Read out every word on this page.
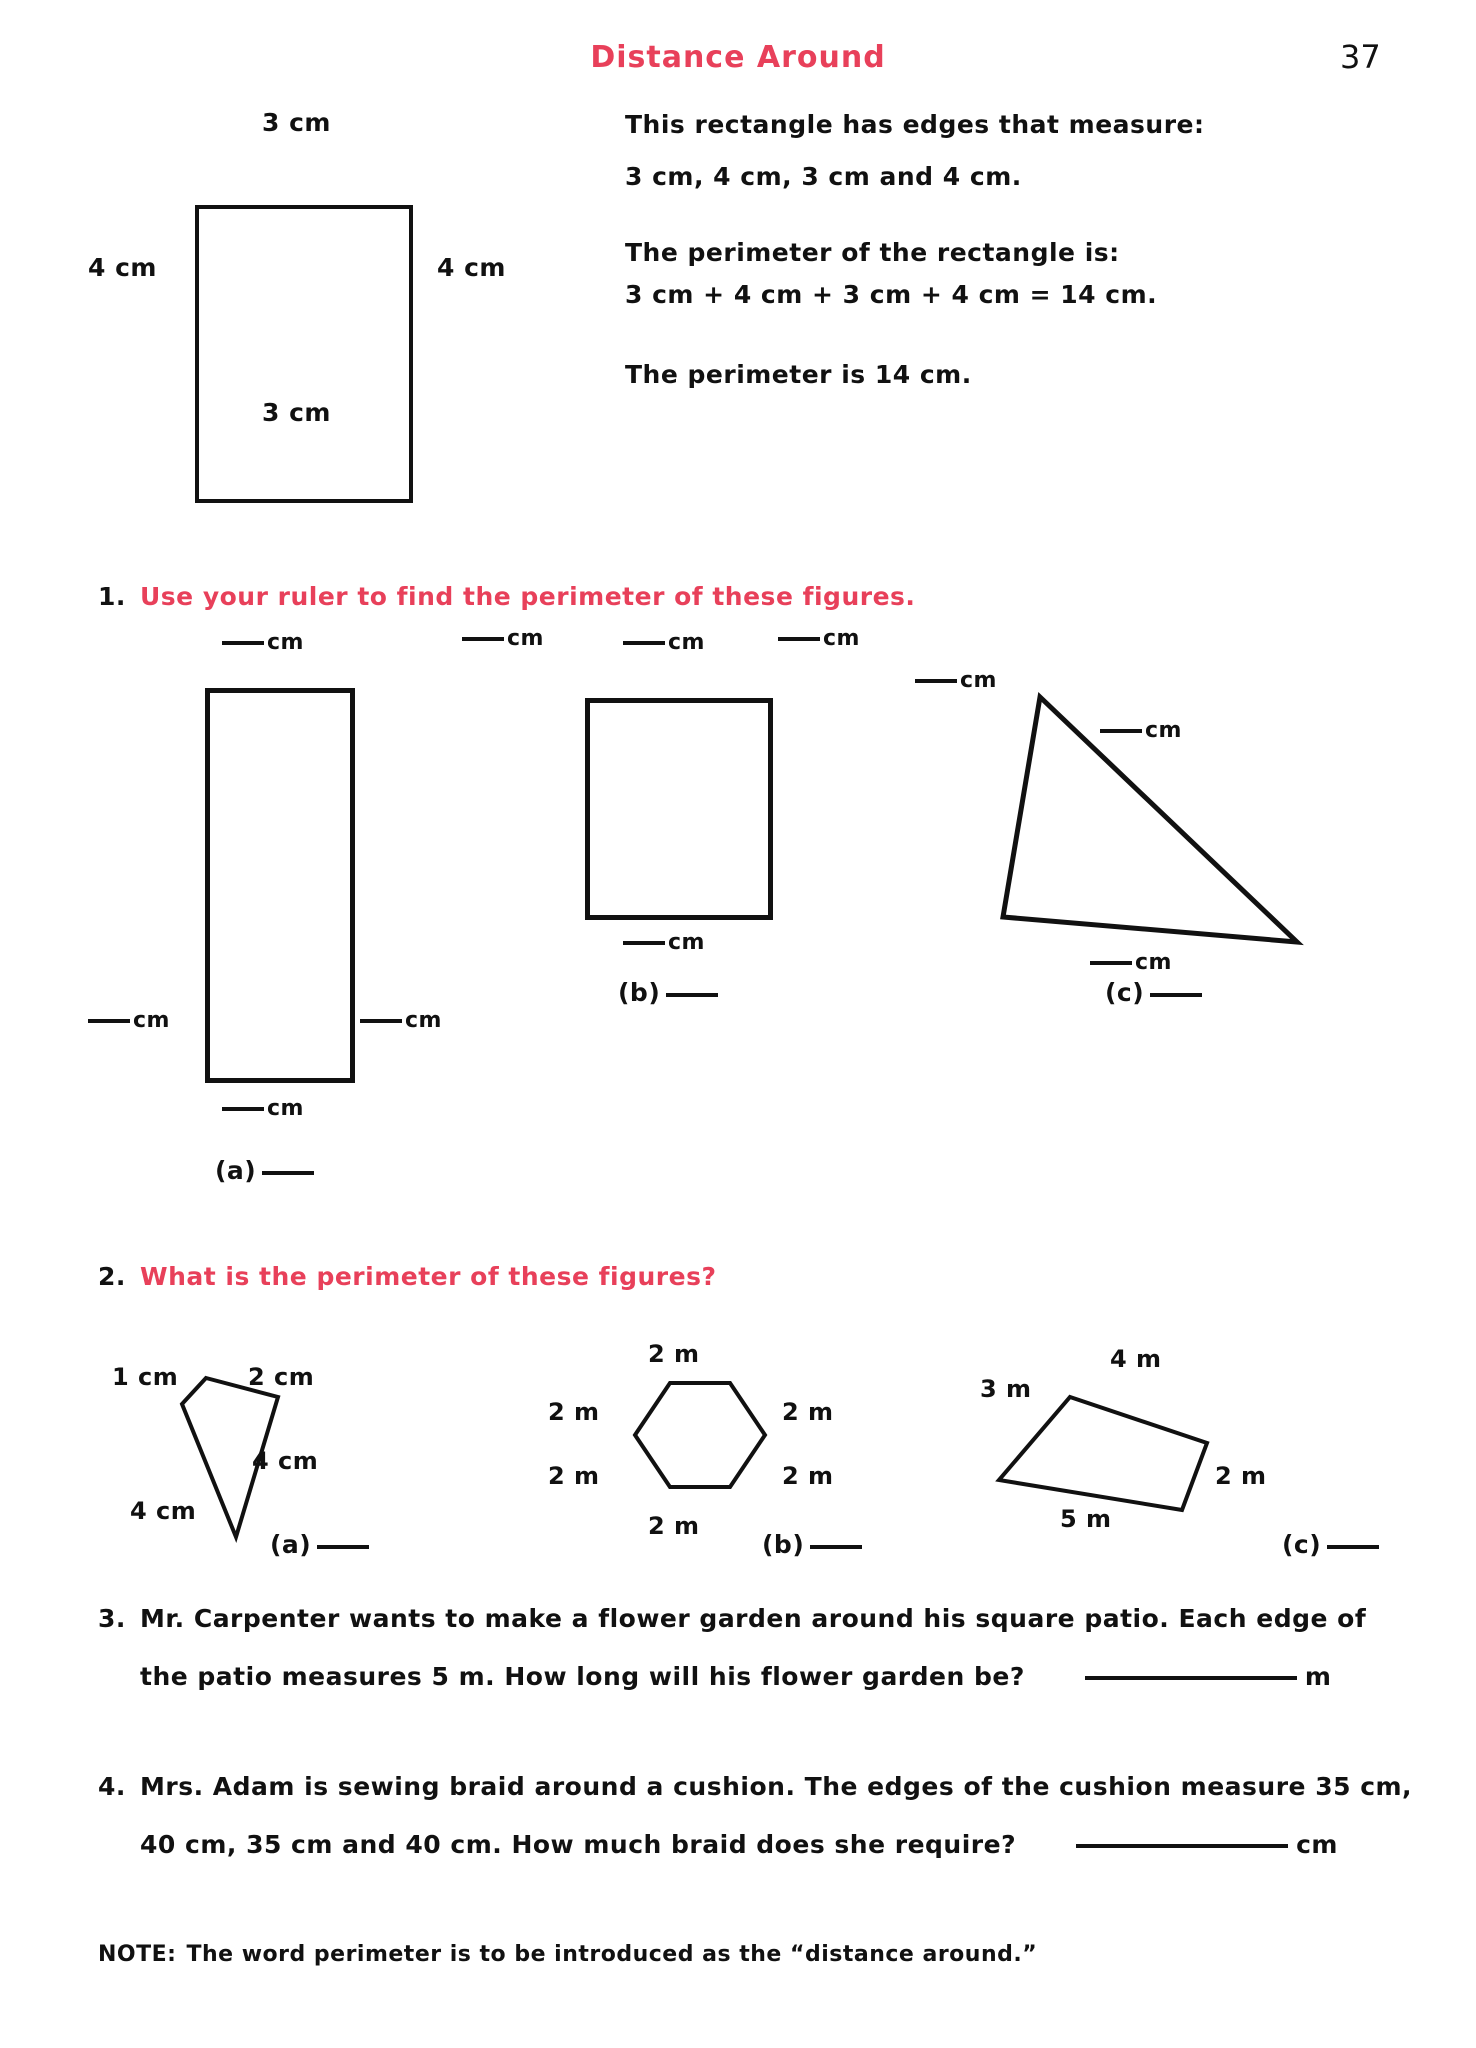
Distance Around	37
3 cm
4 cm	4 cm
3 cm
This rectangle has edges that measure:
3 cm, 4 cm, 3 cm and 4 cm.
The perimeter of the rectangle is:
3 cm + 4 cm + 3 cm + 4 cm = 14 cm.
The perimeter is 14 cm.
1. Use your ruler to find the perimeter of these figures.
cm
cm	cm
cm
(a)
cm
cm	cm
cm
(b)
cm
cm
cm
(c)
2. What is the perimeter of these figures?
1 cm	2 cm
4 cm
4 cm
(a)
2 m
2 m
2 m
2 m
2 m
2 m
(b)
3 m
4 m
2 m
5 m
(c)
3. Mr. Carpenter wants to make a flower garden around his square patio. Each edge of
the patio measures 5 m. How long will his flower garden be?	m
4. Mrs. Adam is sewing braid around a cushion. The edges of the cushion measure 35 cm,
40 cm, 35 cm and 40 cm. How much braid does she require?	cm
NOTE: The word perimeter is to be introduced as the “distance around.”
